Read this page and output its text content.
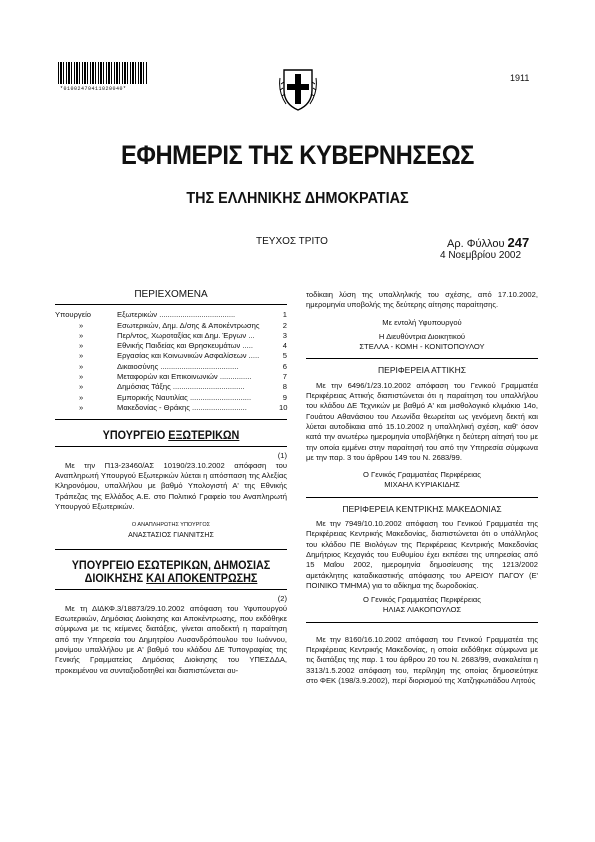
*01002470411020040*
1911
ΕΦΗΜΕΡΙΣ ΤΗΣ ΚΥΒΕΡΝΗΣΕΩΣ
ΤΗΣ ΕΛΛΗΝΙΚΗΣ ΔΗΜΟΚΡΑΤΙΑΣ
ΤΕΥΧΟΣ ΤΡΙΤΟ	Αρ. Φύλλου 247
4 Νοεμβρίου 2002
ΠΕΡΙΕΧΟΜΕΝΑ
Υπουργείο	Εξωτερικών ....................................	1
»	Εσωτερικών, Δημ. Δ/σης & Αποκέντρωσης	2
»	Περ/ντος, Χωροταξίας και Δημ. Έργων ...	3
»	Εθνικής Παιδείας και Θρησκευμάτων .....	4
»	Εργασίας και Κοινωνικών Ασφαλίσεων .....	5
»	Δικαιοσύνης .....................................	6
»	Μεταφορών και Επικοινωνιών ...............	7
»	Δημόσιας Τάξης ..................................	8
»	Εμπορικής Ναυτιλίας .............................	9
»	Μακεδονίας - Θράκης ..........................	10
ΥΠΟΥΡΓΕΙΟ ΕΞΩΤΕΡΙΚΩΝ
(1)
Με την Π13-23460/ΑΣ 10190/23.10.2002 απόφαση του Αναπληρωτή Υπουργού Εξωτερικών λύεται η απόσπαση της Αλεξίας Κληρονόμου, υπαλλήλου με βαθμό Υπολογιστή Α' της Εθνικής Τράπεζας της Ελλάδος Α.Ε. στο Πολιτικό Γραφείο του Αναπληρωτή Υπουργού Εξωτερικών.
Ο ΑΝΑΠΛΗΡΩΤΗΣ ΥΠΟΥΡΓΟΣ
ΑΝΑΣΤΑΣΙΟΣ ΓΙΑΝΝΙΤΣΗΣ
ΥΠΟΥΡΓΕΙΟ ΕΣΩΤΕΡΙΚΩΝ, ΔΗΜΟΣΙΑΣ
ΔΙΟΙΚΗΣΗΣ ΚΑΙ ΑΠΟΚΕΝΤΡΩΣΗΣ
(2)
Με τη ΔΙΔΚΦ.3/18873/29.10.2002 απόφαση του Υφυπουργού Εσωτερικών, Δημόσιας Διοίκησης και Αποκέντρωσης, που εκδόθηκε σύμφωνα με τις κείμενες διατάξεις, γίνεται αποδεκτή η παραίτηση από την Υπηρεσία του Δημητρίου Λυσανδρόπουλου του Ιωάννου, μονίμου υπαλλήλου με Α' βαθμό του κλάδου ΔΕ Τυπογραφίας της Γενικής Γραμματείας Δημόσιας Διοίκησης του ΥΠΕΣΔΔΑ, προκειμένου να συνταξιοδοτηθεί και διαπιστώνεται αυ-
τοδίκαιη λύση της υπαλληλικής του σχέσης, από 17.10.2002, ημερομηνία υποβολής της δεύτερης αίτησης παραίτησης.
Με εντολή Υφυπουργού
Η Διευθύντρια Διοικητικού
ΣΤΕΛΛΑ - ΚΟΜΗ - ΚΟΝΙΤΟΠΟΥΛΟΥ
ΠΕΡΙΦΕΡΕΙΑ ΑΤΤΙΚΗΣ
Με την 6496/1/23.10.2002 απόφαση του Γενικού Γραμματέα Περιφέρειας Αττικής διαπιστώνεται ότι η παραίτηση του υπαλλήλου του κλάδου ΔΕ Τεχνικών με βαθμό Α' και μισθολογικό κλιμάκιο 14ο, Γουάτου Αθανάσιου του Λεωνίδα θεωρείται ως γενόμενη δεκτή και λύεται αυτοδίκαια από 15.10.2002 η υπαλληλική σχέση, καθ' όσον κατά την ανωτέρω ημερομηνία υποβλήθηκε η δεύτερη αίτησή του με την οποία εμμένει στην παραίτησή του από την Υπηρεσία σύμφωνα με την παρ. 3 του άρθρου 149 του Ν. 2683/99.
Ο Γενικός Γραμματέας Περιφέρειας
ΜΙΧΑΗΛ ΚΥΡΙΑΚΙΔΗΣ
ΠΕΡΙΦΕΡΕΙΑ ΚΕΝΤΡΙΚΗΣ ΜΑΚΕΔΟΝΙΑΣ
Με την 7949/10.10.2002 απόφαση του Γενικού Γραμματέα της Περιφέρειας Κεντρικής Μακεδονίας, διαπιστώνεται ότι ο υπάλληλος του κλάδου ΠΕ Βιολόγων της Περιφέρειας Κεντρικής Μακεδονίας Δημήτριος Κεχαγιάς του Ευθυμίου έχει εκπέσει της υπηρεσίας από 15 Μαΐου 2002, ημερομηνία δημοσίευσης της 1213/2002 αμετάκλητης καταδικαστικής απόφασης του ΑΡΕΙΟΥ ΠΑΓΟΥ (Ε' ΠΟΙΝΙΚΟ ΤΜΗΜΑ) για το αδίκημα της δωροδοκίας.
Ο Γενικός Γραμματέας Περιφέρειας
ΗΛΙΑΣ ΛΙΑΚΟΠΟΥΛΟΣ
Με την 8160/16.10.2002 απόφαση του Γενικού Γραμματέα της Περιφέρειας Κεντρικής Μακεδονίας, η οποία εκδόθηκε σύμφωνα με τις διατάξεις της παρ. 1 του άρθρου 20 του Ν. 2683/99, ανακαλείται η 3313/1.5.2002 απόφαση του, περίληψη της οποίας δημοσιεύτηκε στο ΦΕΚ (198/3.9.2002), περί διορισμού της Χατζηφωτιάδου Λητούς
